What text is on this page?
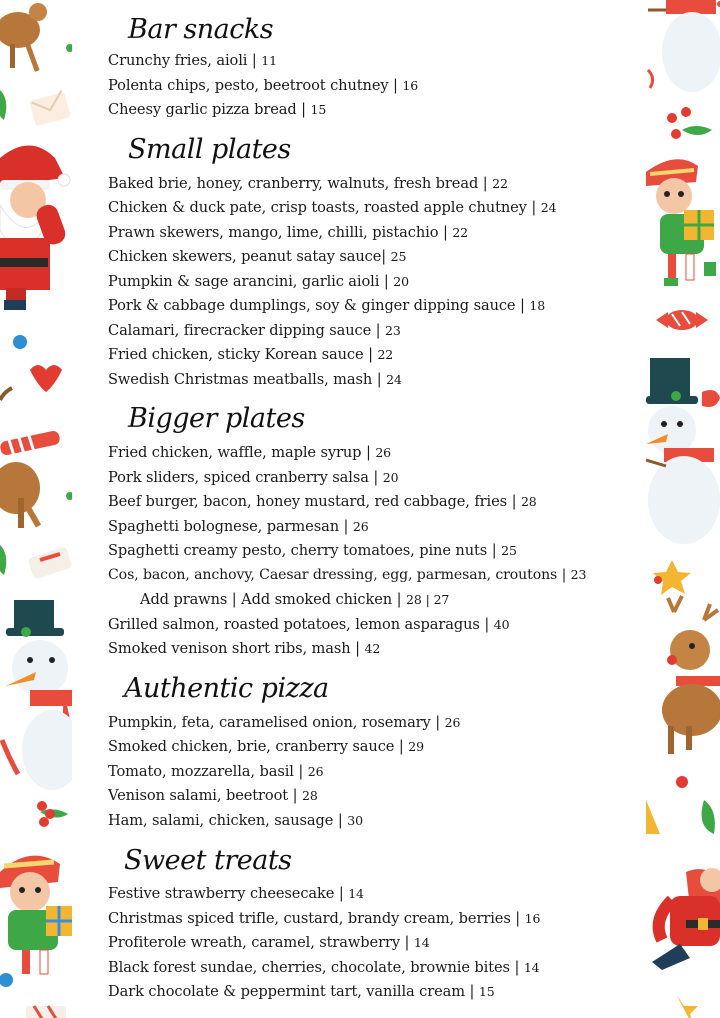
Bar snacks
Crunchy fries, aioli | 11
Polenta chips, pesto, beetroot chutney | 16
Cheesy garlic pizza bread | 15
Small plates
Baked brie, honey, cranberry, walnuts, fresh bread | 22
Chicken & duck pate, crisp toasts, roasted apple chutney | 24
Prawn skewers, mango, lime, chilli, pistachio | 22
Chicken skewers, peanut satay sauce| 25
Pumpkin & sage arancini, garlic aioli | 20
Pork & cabbage dumplings, soy & ginger dipping sauce | 18
Calamari, firecracker dipping sauce | 23
Fried chicken, sticky Korean sauce | 22
Swedish Christmas meatballs, mash | 24
Bigger plates
Fried chicken, waffle, maple syrup | 26
Pork sliders, spiced cranberry salsa | 20
Beef burger, bacon, honey mustard, red cabbage, fries | 28
Spaghetti bolognese, parmesan | 26
Spaghetti creamy pesto, cherry tomatoes, pine nuts | 25
Cos, bacon, anchovy, Caesar dressing, egg, parmesan, croutons | 23
Add prawns | Add smoked chicken | 28 | 27
Grilled salmon, roasted potatoes, lemon asparagus | 40
Smoked venison short ribs, mash | 42
Authentic pizza
Pumpkin, feta, caramelised onion, rosemary | 26
Smoked chicken, brie, cranberry sauce | 29
Tomato, mozzarella, basil | 26
Venison salami, beetroot | 28
Ham, salami, chicken, sausage | 30
Sweet treats
Festive strawberry cheesecake | 14
Christmas spiced trifle, custard, brandy cream, berries | 16
Profiterole wreath, caramel, strawberry | 14
Black forest sundae, cherries, chocolate, brownie bites | 14
Dark chocolate & peppermint tart, vanilla cream | 15
